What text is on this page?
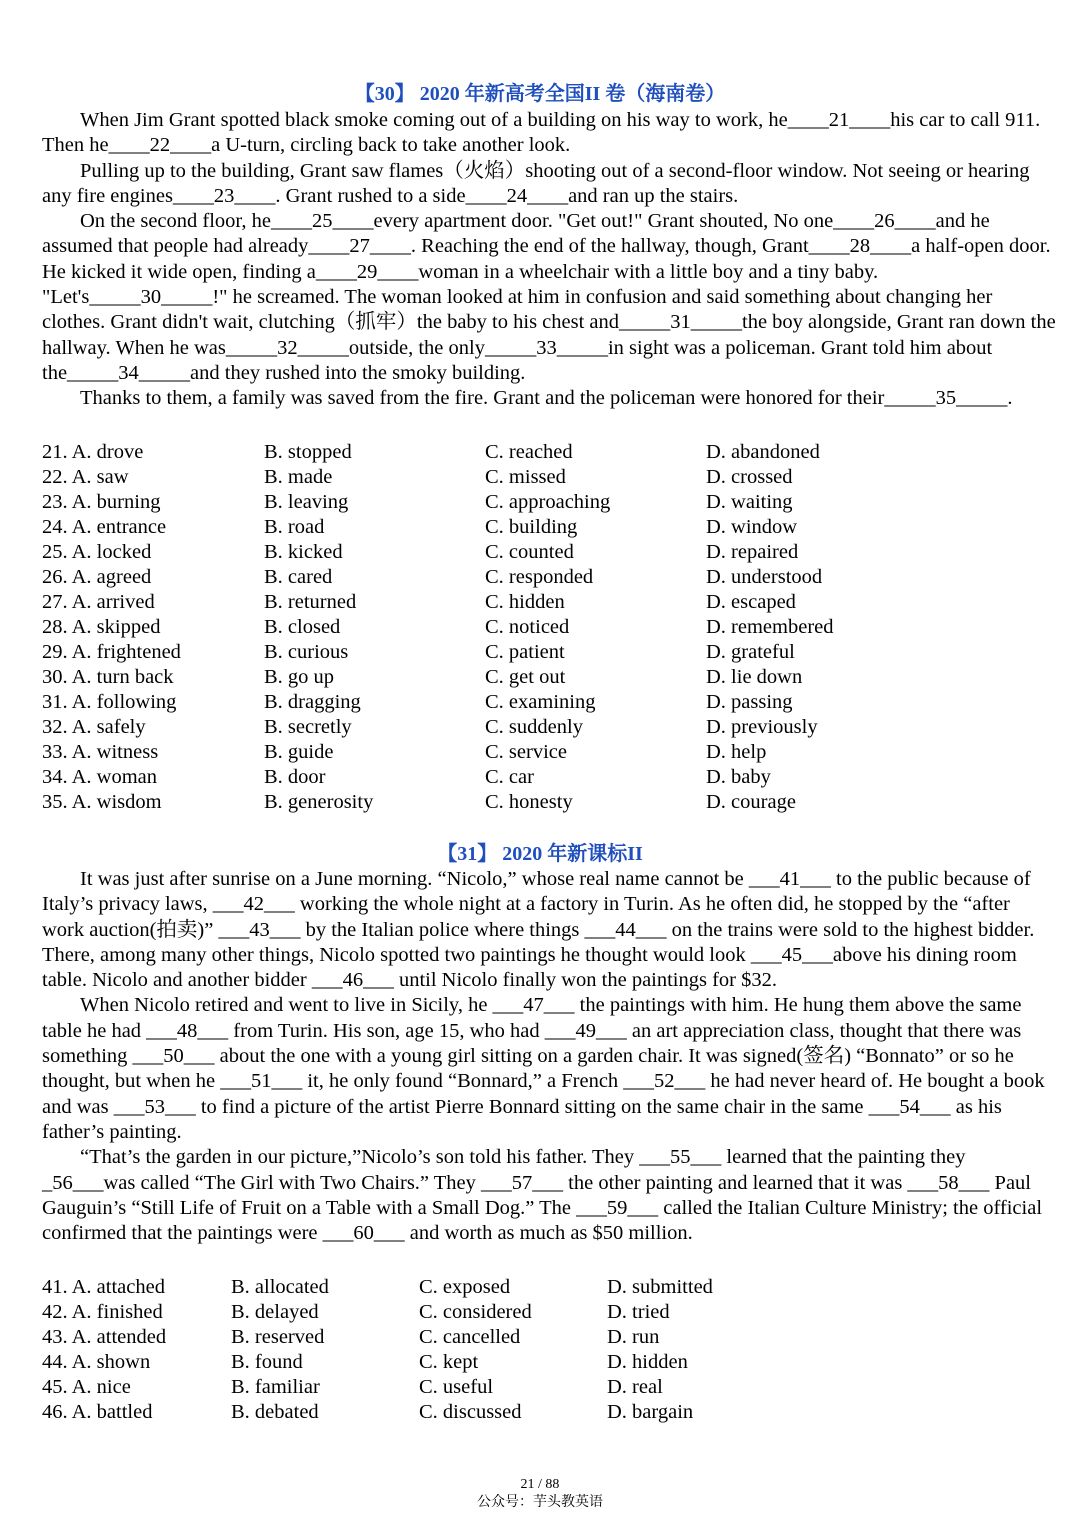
【30】 2020 年新高考全国II 卷（海南卷）

When Jim Grant spotted black smoke coming out of a building on his way to work, he____21____his car to call 911. Then he____22____a U-turn, circling back to take another look.

Pulling up to the building, Grant saw flames（火焰）shooting out of a second-floor window. Not seeing or hearing any fire engines____23____. Grant rushed to a side____24____and ran up the stairs.

On the second floor, he____25____every apartment door. "Get out!" Grant shouted, No one____26____and he assumed that people had already____27____. Reaching the end of the hallway, though, Grant____28____a half-open door. He kicked it wide open, finding a____29____woman in a wheelchair with a little boy and a tiny baby. "Let's_____30_____!" he screamed. The woman looked at him in confusion and said something about changing her clothes. Grant didn't wait, clutching（抓牢）the baby to his chest and_____31_____the boy alongside, Grant ran down the hallway. When he was_____32_____outside, the only_____33_____in sight was a policeman. Grant told him about the_____34_____and they rushed into the smoky building.

Thanks to them, a family was saved from the fire. Grant and the policeman were honored for their_____35_____.

21. A. drove	B. stopped	C. reached	D. abandoned
22. A. saw	B. made	C. missed	D. crossed
23. A. burning	B. leaving	C. approaching	D. waiting
24. A. entrance	B. road	C. building	D. window
25. A. locked	B. kicked	C. counted	D. repaired
26. A. agreed	B. cared	C. responded	D. understood
27. A. arrived	B. returned	C. hidden	D. escaped
28. A. skipped	B. closed	C. noticed	D. remembered
29. A. frightened	B. curious	C. patient	D. grateful
30. A. turn back	B. go up	C. get out	D. lie down
31. A. following	B. dragging	C. examining	D. passing
32. A. safely	B. secretly	C. suddenly	D. previously
33. A. witness	B. guide	C. service	D. help
34. A. woman	B. door	C. car	D. baby
35. A. wisdom	B. generosity	C. honesty	D. courage
【31】 2020 年新课标II

It was just after sunrise on a June morning. “Nicolo,” whose real name cannot be ___41___ to the public because of Italy’s privacy laws, ___42___ working the whole night at a factory in Turin. As he often did, he stopped by the “after work auction(拍卖)” ___43___ by the Italian police where things ___44___ on the trains were sold to the highest bidder. There, among many other things, Nicolo spotted two paintings he thought would look ___45___above his dining room table. Nicolo and another bidder ___46___ until Nicolo finally won the paintings for $32.

When Nicolo retired and went to live in Sicily, he ___47___ the paintings with him. He hung them above the same table he had ___48___ from Turin. His son, age 15, who had ___49___ an art appreciation class, thought that there was something ___50___ about the one with a young girl sitting on a garden chair. It was signed(签名) “Bonnato” or so he thought, but when he ___51___ it, he only found “Bonnard,” a French ___52___ he had never heard of. He bought a book and was ___53___ to find a picture of the artist Pierre Bonnard sitting on the same chair in the same ___54___ as his father’s painting.

“That’s the garden in our picture,”Nicolo’s son told his father. They ___55___ learned that the painting they _56___was called “The Girl with Two Chairs.” They ___57___ the other painting and learned that it was ___58___ Paul Gauguin’s “Still Life of Fruit on a Table with a Small Dog.” The ___59___ called the Italian Culture Ministry; the official confirmed that the paintings were ___60___ and worth as much as $50 million.

41. A. attached	B. allocated	C. exposed	D. submitted
42. A. finished	B. delayed	C. considered	D. tried
43. A. attended	B. reserved	C. cancelled	D. run
44. A. shown	B. found	C. kept	D. hidden
45. A. nice	B. familiar	C. useful	D. real
46. A. battled	B. debated	C. discussed	D. bargain
21 / 88
公众号：芋头教英语
